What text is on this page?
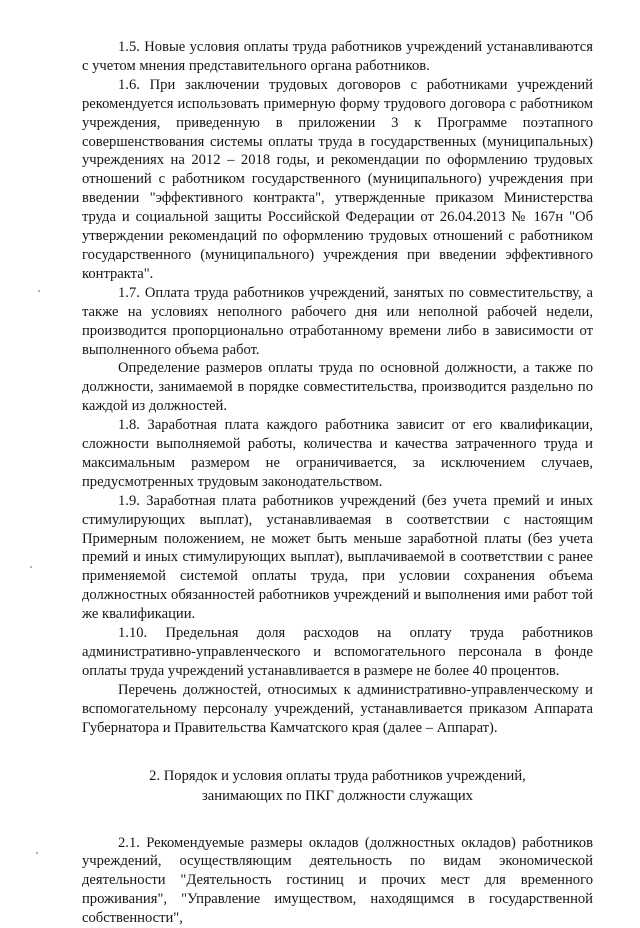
1.5. Новые условия оплаты труда работников учреждений устанавливаются с учетом мнения представительного органа работников.

1.6. При заключении трудовых договоров с работниками учреждений рекомендуется использовать примерную форму трудового договора с работником учреждения, приведенную в приложении 3 к Программе поэтапного совершенствования системы оплаты труда в государственных (муниципальных) учреждениях на 2012 – 2018 годы, и рекомендации по оформлению трудовых отношений с работником государственного (муниципального) учреждения при введении "эффективного контракта", утвержденные приказом Министерства труда и социальной защиты Российской Федерации от 26.04.2013 № 167н "Об утверждении рекомендаций по оформлению трудовых отношений с работником государственного (муниципального) учреждения при введении эффективного контракта".

1.7. Оплата труда работников учреждений, занятых по совместительству, а также на условиях неполного рабочего дня или неполной рабочей недели, производится пропорционально отработанному времени либо в зависимости от выполненного объема работ.

Определение размеров оплаты труда по основной должности, а также по должности, занимаемой в порядке совместительства, производится раздельно по каждой из должностей.

1.8. Заработная плата каждого работника зависит от его квалификации, сложности выполняемой работы, количества и качества затраченного труда и максимальным размером не ограничивается, за исключением случаев, предусмотренных трудовым законодательством.

1.9. Заработная плата работников учреждений (без учета премий и иных стимулирующих выплат), устанавливаемая в соответствии с настоящим Примерным положением, не может быть меньше заработной платы (без учета премий и иных стимулирующих выплат), выплачиваемой в соответствии с ранее применяемой системой оплаты труда, при условии сохранения объема должностных обязанностей работников учреждений и выполнения ими работ той же квалификации.

1.10. Предельная доля расходов на оплату труда работников административно-управленческого и вспомогательного персонала в фонде оплаты труда учреждений устанавливается в размере не более 40 процентов.

Перечень должностей, относимых к административно-управленческому и вспомогательному персоналу учреждений, устанавливается приказом Аппарата Губернатора и Правительства Камчатского края (далее – Аппарат).

2. Порядок и условия оплаты труда работников учреждений,
занимающих по ПКГ должности служащих

2.1. Рекомендуемые размеры окладов (должностных окладов) работников учреждений, осуществляющим деятельность по видам экономической деятельности "Деятельность гостиниц и прочих мест для временного проживания", "Управление имуществом, находящимся в государственной собственности",
